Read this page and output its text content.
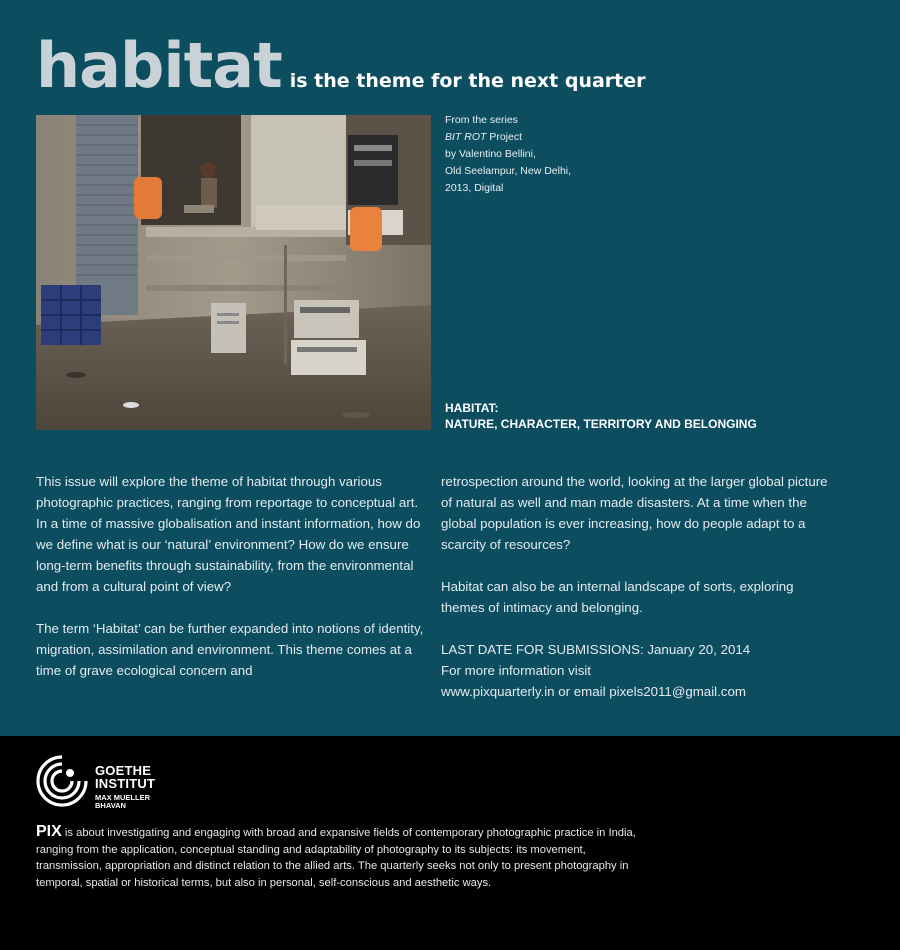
habitat is the theme for the next quarter
From the series
BIT ROT Project
by Valentino Bellini,
Old Seelampur, New Delhi,
2013, Digital
HABITAT:
NATURE, CHARACTER, TERRITORY AND BELONGING

This issue will explore the theme of habitat through various photographic practices, ranging from reportage to conceptual art. In a time of massive globalisation and instant information, how do we define what is our ‘natural’ environment? How do we ensure long-term benefits through sustainability, from the environmental and from a cultural point of view?

The term ‘Habitat’ can be further expanded into notions of identity, migration, assimilation and environment. This theme comes at a time of grave ecological concern and

retrospection around the world, looking at the larger global picture of natural as well and man made disasters. At a time when the global population is ever increasing, how do people adapt to a scarcity of resources?

Habitat can also be an internal landscape of sorts, exploring themes of intimacy and belonging.

LAST DATE FOR SUBMISSIONS: January 20, 2014
For more information visit
www.pixquarterly.in or email pixels2011@gmail.com
GOETHE
INSTITUT
MAX MUELLER
BHAVAN
PIX is about investigating and engaging with broad and expansive fields of contemporary photographic practice in India, ranging from the application, conceptual standing and adaptability of photography to its subjects: its movement, transmission, appropriation and distinct relation to the allied arts. The quarterly seeks not only to present photography in temporal, spatial or historical terms, but also in personal, self-conscious and aesthetic ways.
